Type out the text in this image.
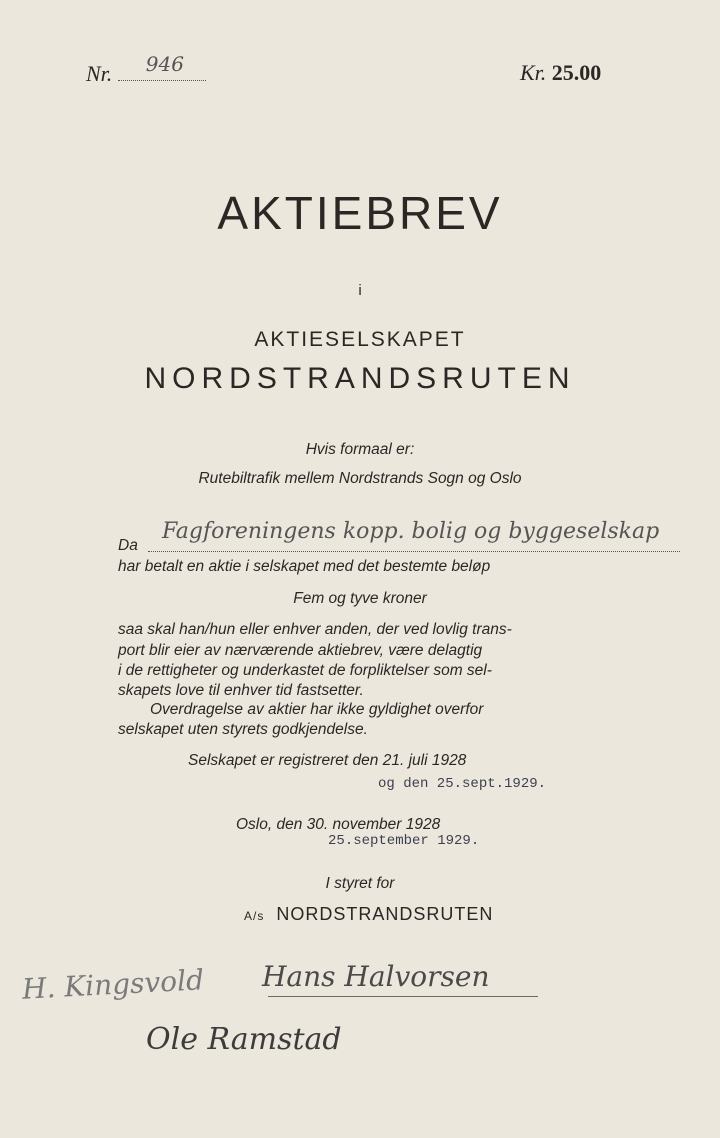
Nr. 946	Kr. 25.00
AKTIEBREV
i
AKTIESELSKAPET
NORDSTRANDSRUTEN
Hvis formaal er:
Rutebiltrafik mellem Nordstrands Sogn og Oslo
Da
Fagforeningens kopp. bolig og byggeselskap
har betalt en aktie i selskapet med det bestemte beløp
Fem og tyve kroner
saa skal han/hun eller enhver anden, der ved lovlig trans-
port blir eier av nærværende aktiebrev, være delagtig
i de rettigheter og underkastet de forpliktelser som sel-
skapets love til enhver tid fastsetter.
Overdragelse av aktier har ikke gyldighet overfor
selskapet uten styrets godkjendelse.
Selskapet er registreret den 21. juli 1928
og den 25.sept.1929.
Oslo, den 30. november 1928
25.september 1929.
I styret for
A/s NORDSTRANDSRUTEN
H. Kingsvold Hans Halvorsen
Ole Ramstad
